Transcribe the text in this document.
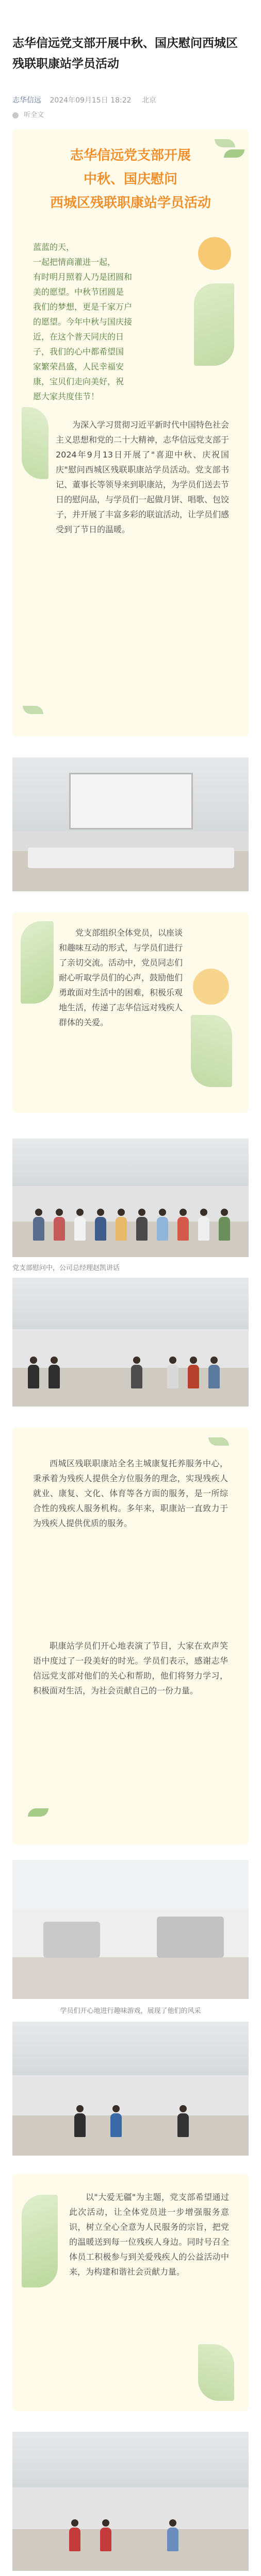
志华信远党支部开展中秋、国庆慰问西城区残联职康站学员活动
志华信远 2024年09月15日 18:22 北京
听全文
志华信远党支部开展
中秋、国庆慰问
西城区残联职康站学员活动
蓝蓝的天，
一起把情商灌进一起，
有时明月照着人乃是团圆和
美的愿望。中秋节团圆是
我们的梦想，更是千家万户
的愿望。今年中秋与国庆接
近，在这个普天同庆的日
子，我们的心中都希望国
家繁荣昌盛，人民幸福安
康，宝贝们走向美好，祝
愿大家共度佳节！
为深入学习贯彻习近平新时代中国特色社会主义思想和党的二十大精神，志华信远党支部于2024年9月13日开展了"喜迎中秋、庆祝国庆"慰问西城区残联职康站学员活动。党支部书记、董事长等领导来到职康站，为学员们送去节日的慰问品，与学员们一起做月饼、唱歌、包饺子，并开展了丰富多彩的联谊活动，让学员们感受到了节日的温暖。
党支部组织全体党员，以座谈和趣味互动的形式，与学员们进行了亲切交流。活动中，党员同志们耐心听取学员们的心声，鼓励他们勇敢面对生活中的困难，积极乐观地生活，传递了志华信远对残疾人群体的关爱。
党支部慰问中，公司总经理赵凯讲话
西城区残联职康站全名主城康复托养服务中心，秉承着为残疾人提供全方位服务的理念，实现残疾人就业、康复、文化、体育等各方面的服务，是一所综合性的残疾人服务机构。多年来，职康站一直致力于为残疾人提供优质的服务。
职康站学员们开心地表演了节目，大家在欢声笑语中度过了一段美好的时光。学员们表示，感谢志华信远党支部对他们的关心和帮助，他们将努力学习，积极面对生活，为社会贡献自己的一份力量。
学员们开心地进行趣味游戏，展现了他们的风采
以"大爱无疆"为主题，党支部希望通过此次活动，让全体党员进一步增强服务意识，树立全心全意为人民服务的宗旨，把党的温暖送到每一位残疾人身边。同时号召全体员工积极参与到关爱残疾人的公益活动中来，为构建和谐社会贡献力量。
